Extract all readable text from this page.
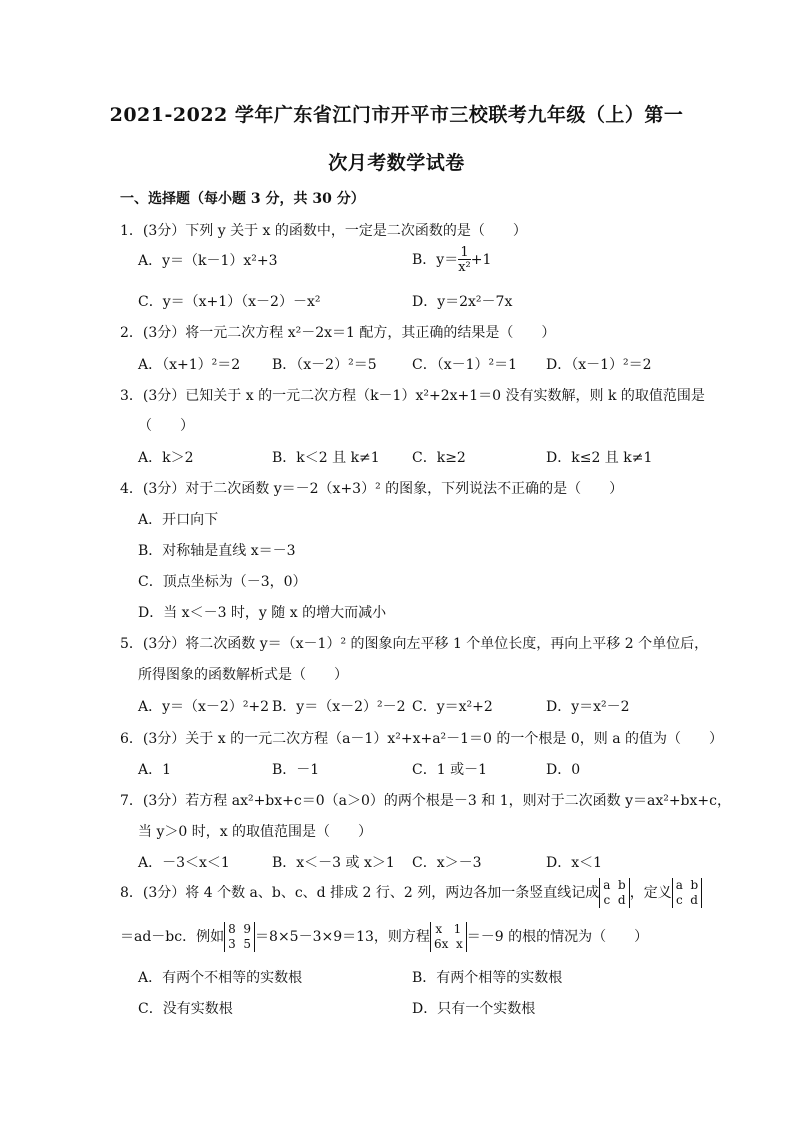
2021-2022 学年广东省江门市开平市三校联考九年级（上）第一
次月考数学试卷
一、选择题（每小题 3 分，共 30 分）
1．(3分）下列 y 关于 x 的函数中，一定是二次函数的是（　　）
A．y＝（k－1）x²+3	B．$y= \frac{1}{\text{x²}} +1$
C．y＝（x+1）（x－2）－x²	D．y＝2x²－7x
2．(3分）将一元二次方程 x²－2x＝1 配方，其正确的结果是（　　）
A．（x+1）²＝2 B．（x－2）²＝5	C．（x－1）²＝1 D．（x－1）²＝2
3．(3分）已知关于 x 的一元二次方程（k－1）x²+2x+1＝0 没有实数解，则 k 的取值范围是
（　　）
A．k＞2	B．k＜2 且 k≠1 C．k≥2	D．k≤2 且 k≠1
4．(3分）对于二次函数 y＝－2（x+3）² 的图象，下列说法不正确的是（　　）
A．开口向下
B．对称轴是直线 x＝－3
C．顶点坐标为（－3，0）
D．当 x＜－3 时，y 随 x 的增大而减小
5．(3分）将二次函数 y＝（x－1）² 的图象向左平移 1 个单位长度，再向上平移 2 个单位后，
所得图象的函数解析式是（　　）
A．y＝（x－2）²+2 B．y＝（x－2）²－2 C．y＝x²+2	D．y＝x²－2
6．(3分）关于 x 的一元二次方程（a－1）x²+x+a²－1＝0 的一个根是 0，则 a 的值为（　　）
A．1	B．－1	C．1 或－1	D．0
7．(3分）若方程 ax²+bx+c＝0（a＞0）的两个根是－3 和 1，则对于二次函数 y＝ax²+bx+c，
当 y＞0 时，x 的取值范围是（　　）
A．－3＜x＜1	B．x＜－3 或 x＞1 C．x＞－3	D．x＜1
8．(3分）将 4 个数 a、b、c、d 排成 2 行、2 列，两边各加一条竖直线记成 a  b
c  d ，定义 a  b
c  d
＝ad－bc．例如 8  9
3  5 ＝8×5－3×9＝13，则方程 x   1
6x  x ＝－9 的根的情况为（　　）
A．有两个不相等的实数根	B．有两个相等的实数根
C．没有实数根	D．只有一个实数根
